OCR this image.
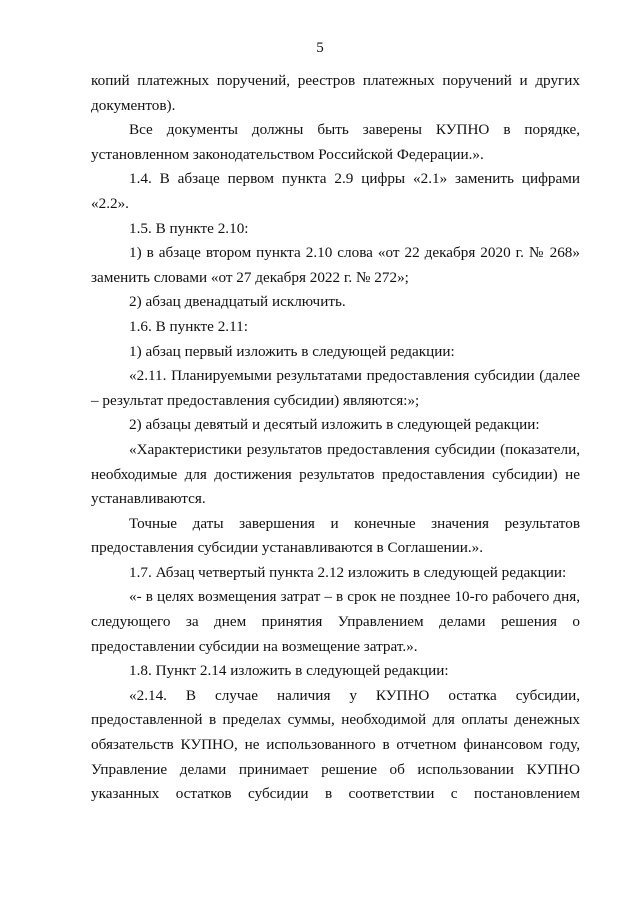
5

копий платежных поручений, реестров платежных поручений и других документов).

Все документы должны быть заверены КУПНО в порядке, установленном законодательством Российской Федерации.».

1.4. В абзаце первом пункта 2.9 цифры «2.1» заменить цифрами «2.2».

1.5. В пункте 2.10:

1) в абзаце втором пункта 2.10 слова «от 22 декабря 2020 г. № 268» заменить словами «от 27 декабря 2022 г. № 272»;

2) абзац двенадцатый исключить.

1.6. В пункте 2.11:

1) абзац первый изложить в следующей редакции:

«2.11. Планируемыми результатами предоставления субсидии (далее – результат предоставления субсидии) являются:»;

2) абзацы девятый и десятый изложить в следующей редакции:

«Характеристики результатов предоставления субсидии (показатели, необходимые для достижения результатов предоставления субсидии) не устанавливаются.

Точные даты завершения и конечные значения результатов предоставления субсидии устанавливаются в Соглашении.».

1.7. Абзац четвертый пункта 2.12 изложить в следующей редакции:

«- в целях возмещения затрат – в срок не позднее 10-го рабочего дня, следующего за днем принятия Управлением делами решения о предоставлении субсидии на возмещение затрат.».

1.8. Пункт 2.14 изложить в следующей редакции:

«2.14. В случае наличия у КУПНО остатка субсидии, предоставленной в пределах суммы, необходимой для оплаты денежных обязательств КУПНО, не использованного в отчетном финансовом году, Управление делами принимает решение об использовании КУПНО указанных остатков субсидии в соответствии с постановлением
